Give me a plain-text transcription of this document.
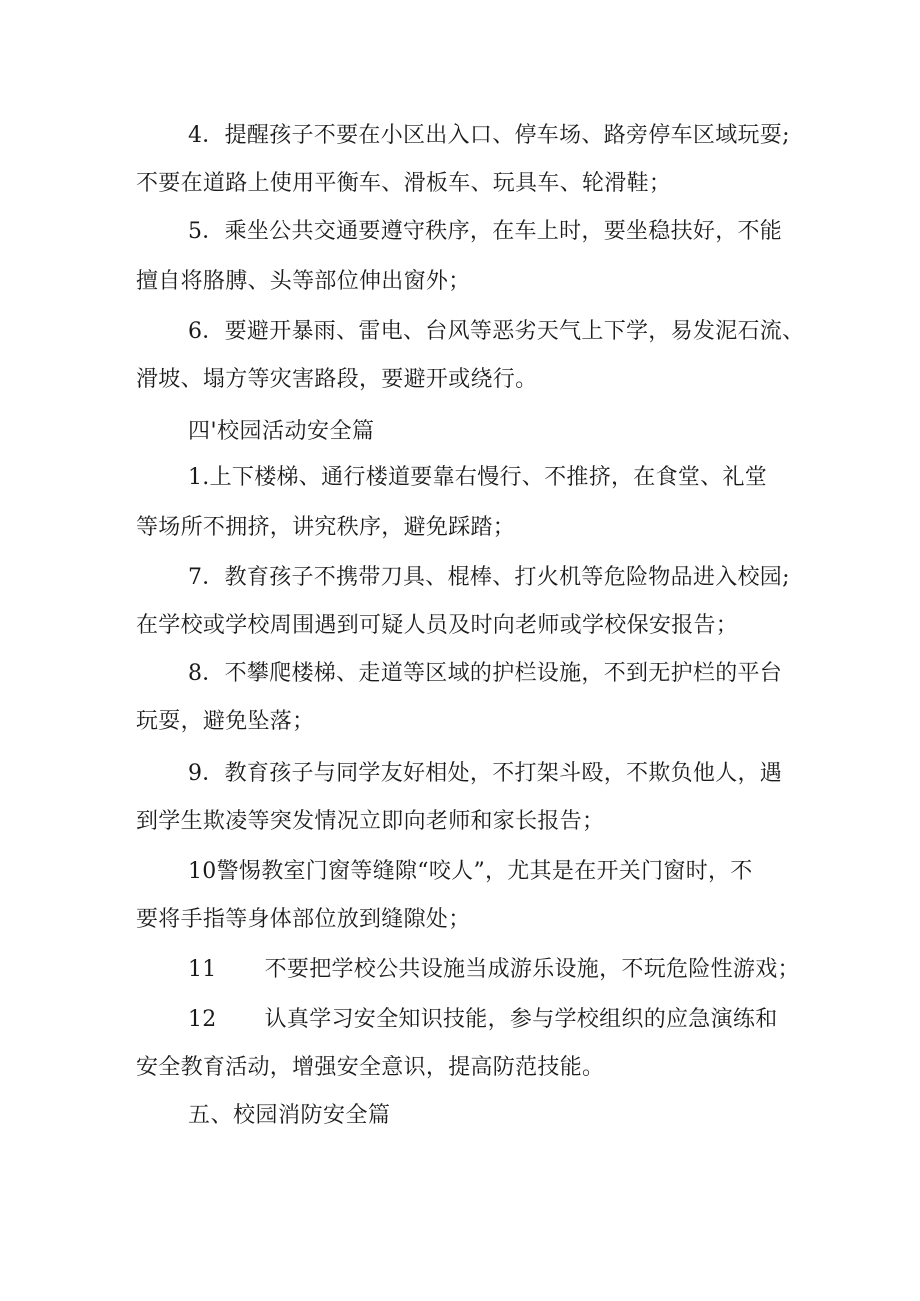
4．提醒孩子不要在小区出入口、停车场、路旁停车区域玩耍;
不要在道路上使用平衡车、滑板车、玩具车、轮滑鞋；
5．乘坐公共交通要遵守秩序，在车上时，要坐稳扶好，不能
擅自将胳膊、头等部位伸出窗外；
6．要避开暴雨、雷电、台风等恶劣天气上下学，易发泥石流、
滑坡、塌方等灾害路段，要避开或绕行。
四'校园活动安全篇
1.上下楼梯、通行楼道要靠右慢行、不推挤，在食堂、礼堂
等场所不拥挤，讲究秩序，避免踩踏；
7．教育孩子不携带刀具、棍棒、打火机等危险物品进入校园;
在学校或学校周围遇到可疑人员及时向老师或学校保安报告；
8．不攀爬楼梯、走道等区域的护栏设施，不到无护栏的平台
玩耍，避免坠落；
9．教育孩子与同学友好相处，不打架斗殴，不欺负他人，遇
到学生欺凌等突发情况立即向老师和家长报告；
10警惕教室门窗等缝隙“咬人”，尤其是在开关门窗时，不
要将手指等身体部位放到缝隙处；
11 不要把学校公共设施当成游乐设施，不玩危险性游戏；
12 认真学习安全知识技能，参与学校组织的应急演练和
安全教育活动，增强安全意识，提高防范技能。
五、校园消防安全篇
